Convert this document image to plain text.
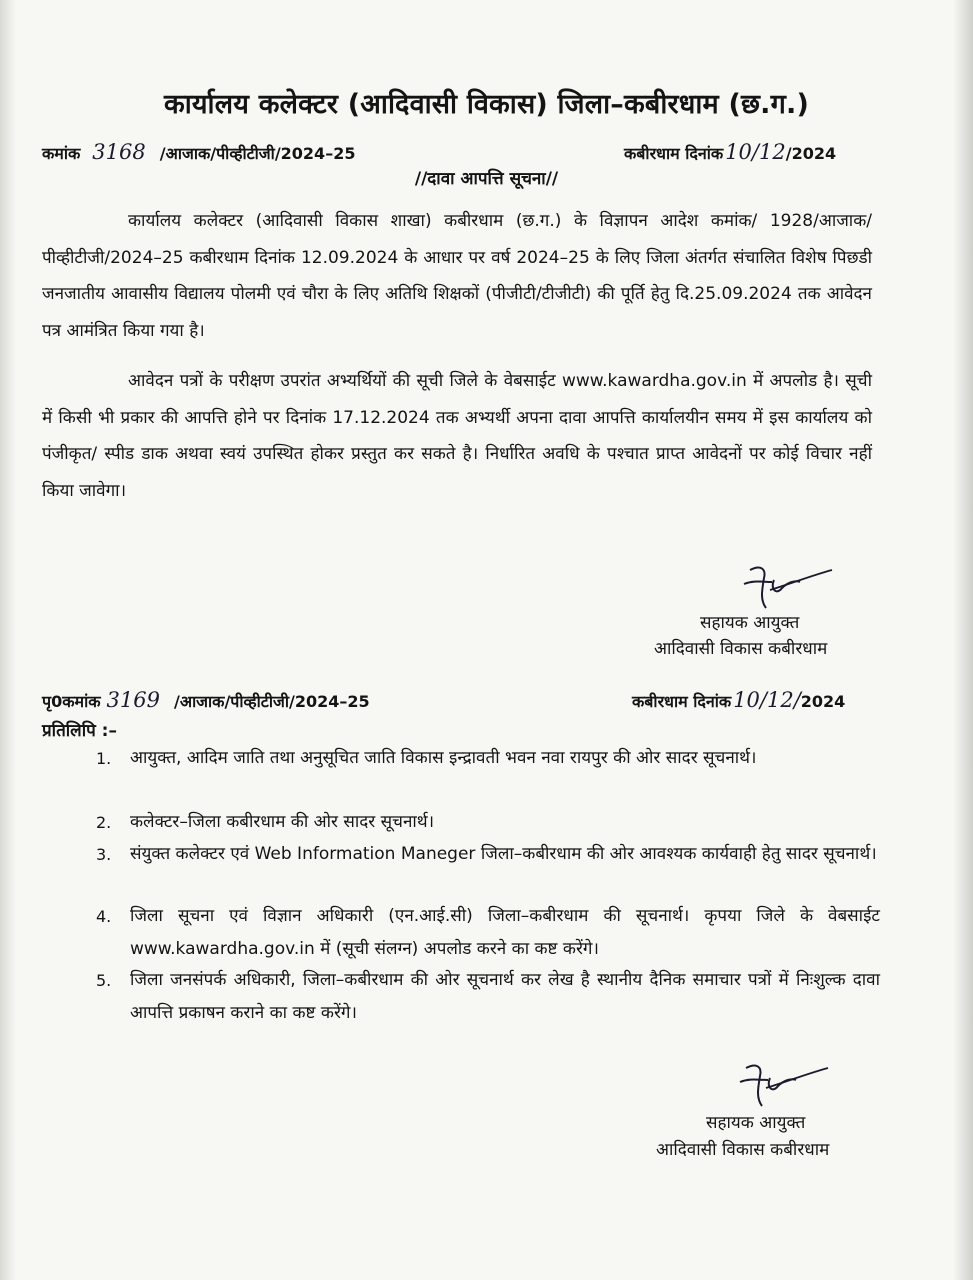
कार्यालय कलेक्टर (आदिवासी विकास) जिला–कबीरधाम (छ.ग.)
कमांक 3168 /आजाक/पीव्हीटीजी/2024–25	कबीरधाम दिनांक10/12/2024
//दावा आपत्ति सूचना//

कार्यालय कलेक्टर (आदिवासी विकास शाखा) कबीरधाम (छ.ग.) के विज्ञापन आदेश कमांक/ 1928/आजाक/पीव्हीटीजी/2024–25 कबीरधाम दिनांक 12.09.2024 के आधार पर वर्ष 2024–25 के लिए जिला अंतर्गत संचालित विशेष पिछडी जनजातीय आवासीय विद्यालय पोलमी एवं चौरा के लिए अतिथि शिक्षकों (पीजीटी/टीजीटी) की पूर्ति हेतु दि.25.09.2024 तक आवेदन पत्र आमंत्रित किया गया है।

आवेदन पत्रों के परीक्षण उपरांत अभ्यर्थियों की सूची जिले के वेबसाईट www.kawardha.gov.in में अपलोड है। सूची में किसी भी प्रकार की आपत्ति होने पर दिनांक 17.12.2024 तक अभ्यर्थी अपना दावा आपत्ति कार्यालयीन समय में इस कार्यालय को पंजीकृत/ स्पीड डाक अथवा स्वयं उपस्थित होकर प्रस्तुत कर सकते है। निर्धारित अवधि के पश्चात प्राप्त आवेदनों पर कोई विचार नहीं किया जावेगा।

सहायक आयुक्त
आदिवासी विकास कबीरधाम
पृ0कमांक 3169 /आजाक/पीव्हीटीजी/2024–25	कबीरधाम दिनांक10/12/2024
प्रतिलिपि :–
1.	आयुक्त, आदिम जाति तथा अनुसूचित जाति विकास इन्द्रावती भवन नवा रायपुर की ओर सादर सूचनार्थ।
2.	कलेक्टर–जिला कबीरधाम की ओर सादर सूचनार्थ।
3.	संयुक्त कलेक्टर एवं Web Information Maneger जिला–कबीरधाम की ओर आवश्यक कार्यवाही हेतु सादर सूचनार्थ।
4.	जिला सूचना एवं विज्ञान अधिकारी (एन.आई.सी) जिला–कबीरधाम की सूचनार्थ। कृपया जिले के वेबसाईट www.kawardha.gov.in में (सूची संलग्न) अपलोड करने का कष्ट करेंगे।
5.	जिला जनसंपर्क अधिकारी, जिला–कबीरधाम की ओर सूचनार्थ कर लेख है स्थानीय दैनिक समाचार पत्रों में निःशुल्क दावा आपत्ति प्रकाषन कराने का कष्ट करेंगे।
सहायक आयुक्त
आदिवासी विकास कबीरधाम
